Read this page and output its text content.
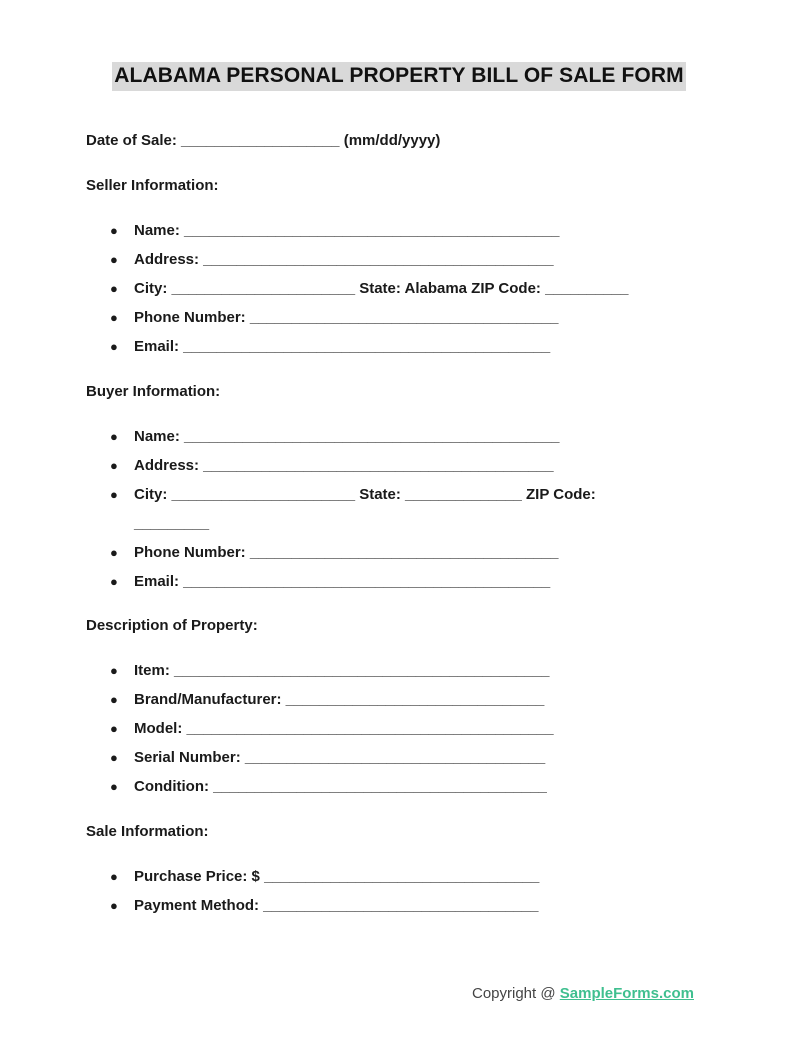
ALABAMA PERSONAL PROPERTY BILL OF SALE FORM
Date of Sale: ___________________ (mm/dd/yyyy)
Seller Information:
● Name: _____________________________________________
● Address: __________________________________________
● City: ______________________ State: Alabama ZIP Code: __________
● Phone Number: _____________________________________
● Email: ____________________________________________
Buyer Information:
● Name: _____________________________________________
● Address: __________________________________________
● City: ______________________ State: ______________ ZIP Code:
_________
● Phone Number: _____________________________________
● Email: ____________________________________________
Description of Property:
● Item: _____________________________________________
● Brand/Manufacturer: _______________________________
● Model: ____________________________________________
● Serial Number: ____________________________________
● Condition: ________________________________________
Sale Information:
● Purchase Price: $ _________________________________
● Payment Method: _________________________________
Copyright @ SampleForms.com
